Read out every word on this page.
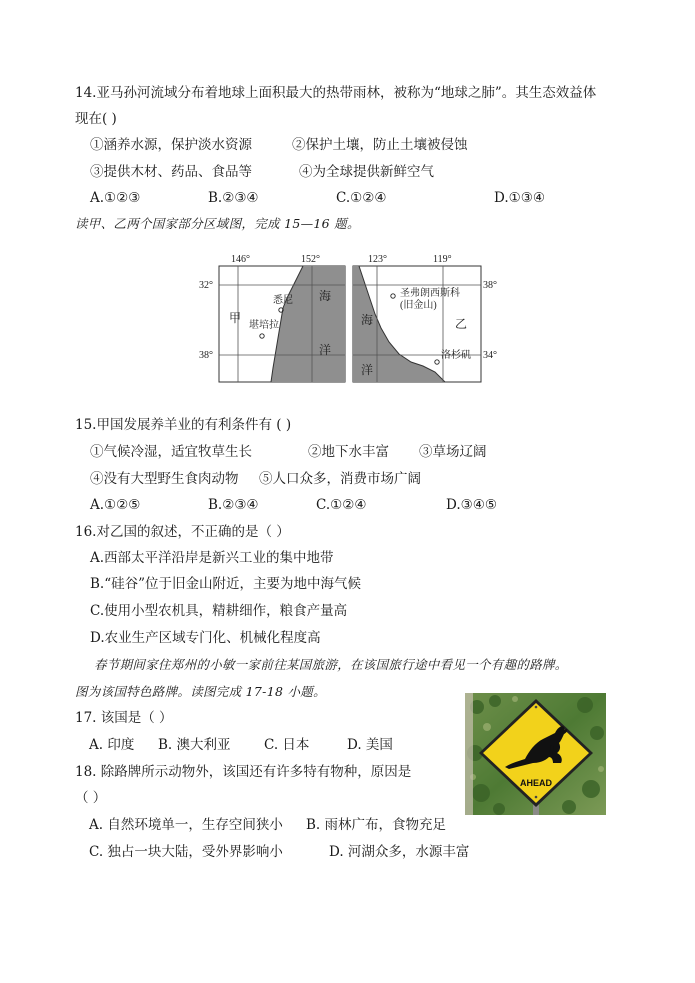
14.亚马孙河流域分布着地球上面积最大的热带雨林，被称为“地球之肺”。其生态效益体
现在( )
①涵养水源，保护淡水资源	②保护土壤，防止土壤被侵蚀
③提供木材、药品、食品等	④为全球提供新鲜空气
A.①②③	B.②③④	C.①②④	D.①③④
读甲、乙两个国家部分区域图，完成 15—16 题。
146°	152°
32°
38°
甲
悉尼
堪培拉
海
洋
123°	119°
38°
34°
圣弗朗西斯科
(旧金山)
乙
洛杉矶
海
洋
15.甲国发展养羊业的有利条件有 ( )
①气候冷湿，适宜牧草生长	②地下水丰富 ③草场辽阔
④没有大型野生食肉动物 ⑤人口众多，消费市场广阔
A.①②⑤	B.②③④	C.①②④	D.③④⑤
16.对乙国的叙述，不正确的是（ ）
A.西部太平洋沿岸是新兴工业的集中地带
B.“硅谷”位于旧金山附近，主要为地中海气候
C.使用小型农机具，精耕细作，粮食产量高
D.农业生产区域专门化、机械化程度高
春节期间家住郑州的小敏一家前往某国旅游，在该国旅行途中看见一个有趣的路牌。
图为该国特色路牌。读图完成 17-18 小题。
17. 该国是（ ）
A. 印度 B. 澳大利亚 C. 日本	D. 美国
18. 除路牌所示动物外，该国还有许多特有物种，原因是
（ ）
A. 自然环境单一，生存空间狭小 B. 雨林广布，食物充足
C. 独占一块大陆，受外界影响小	D. 河湖众多，水源丰富
AHEAD
